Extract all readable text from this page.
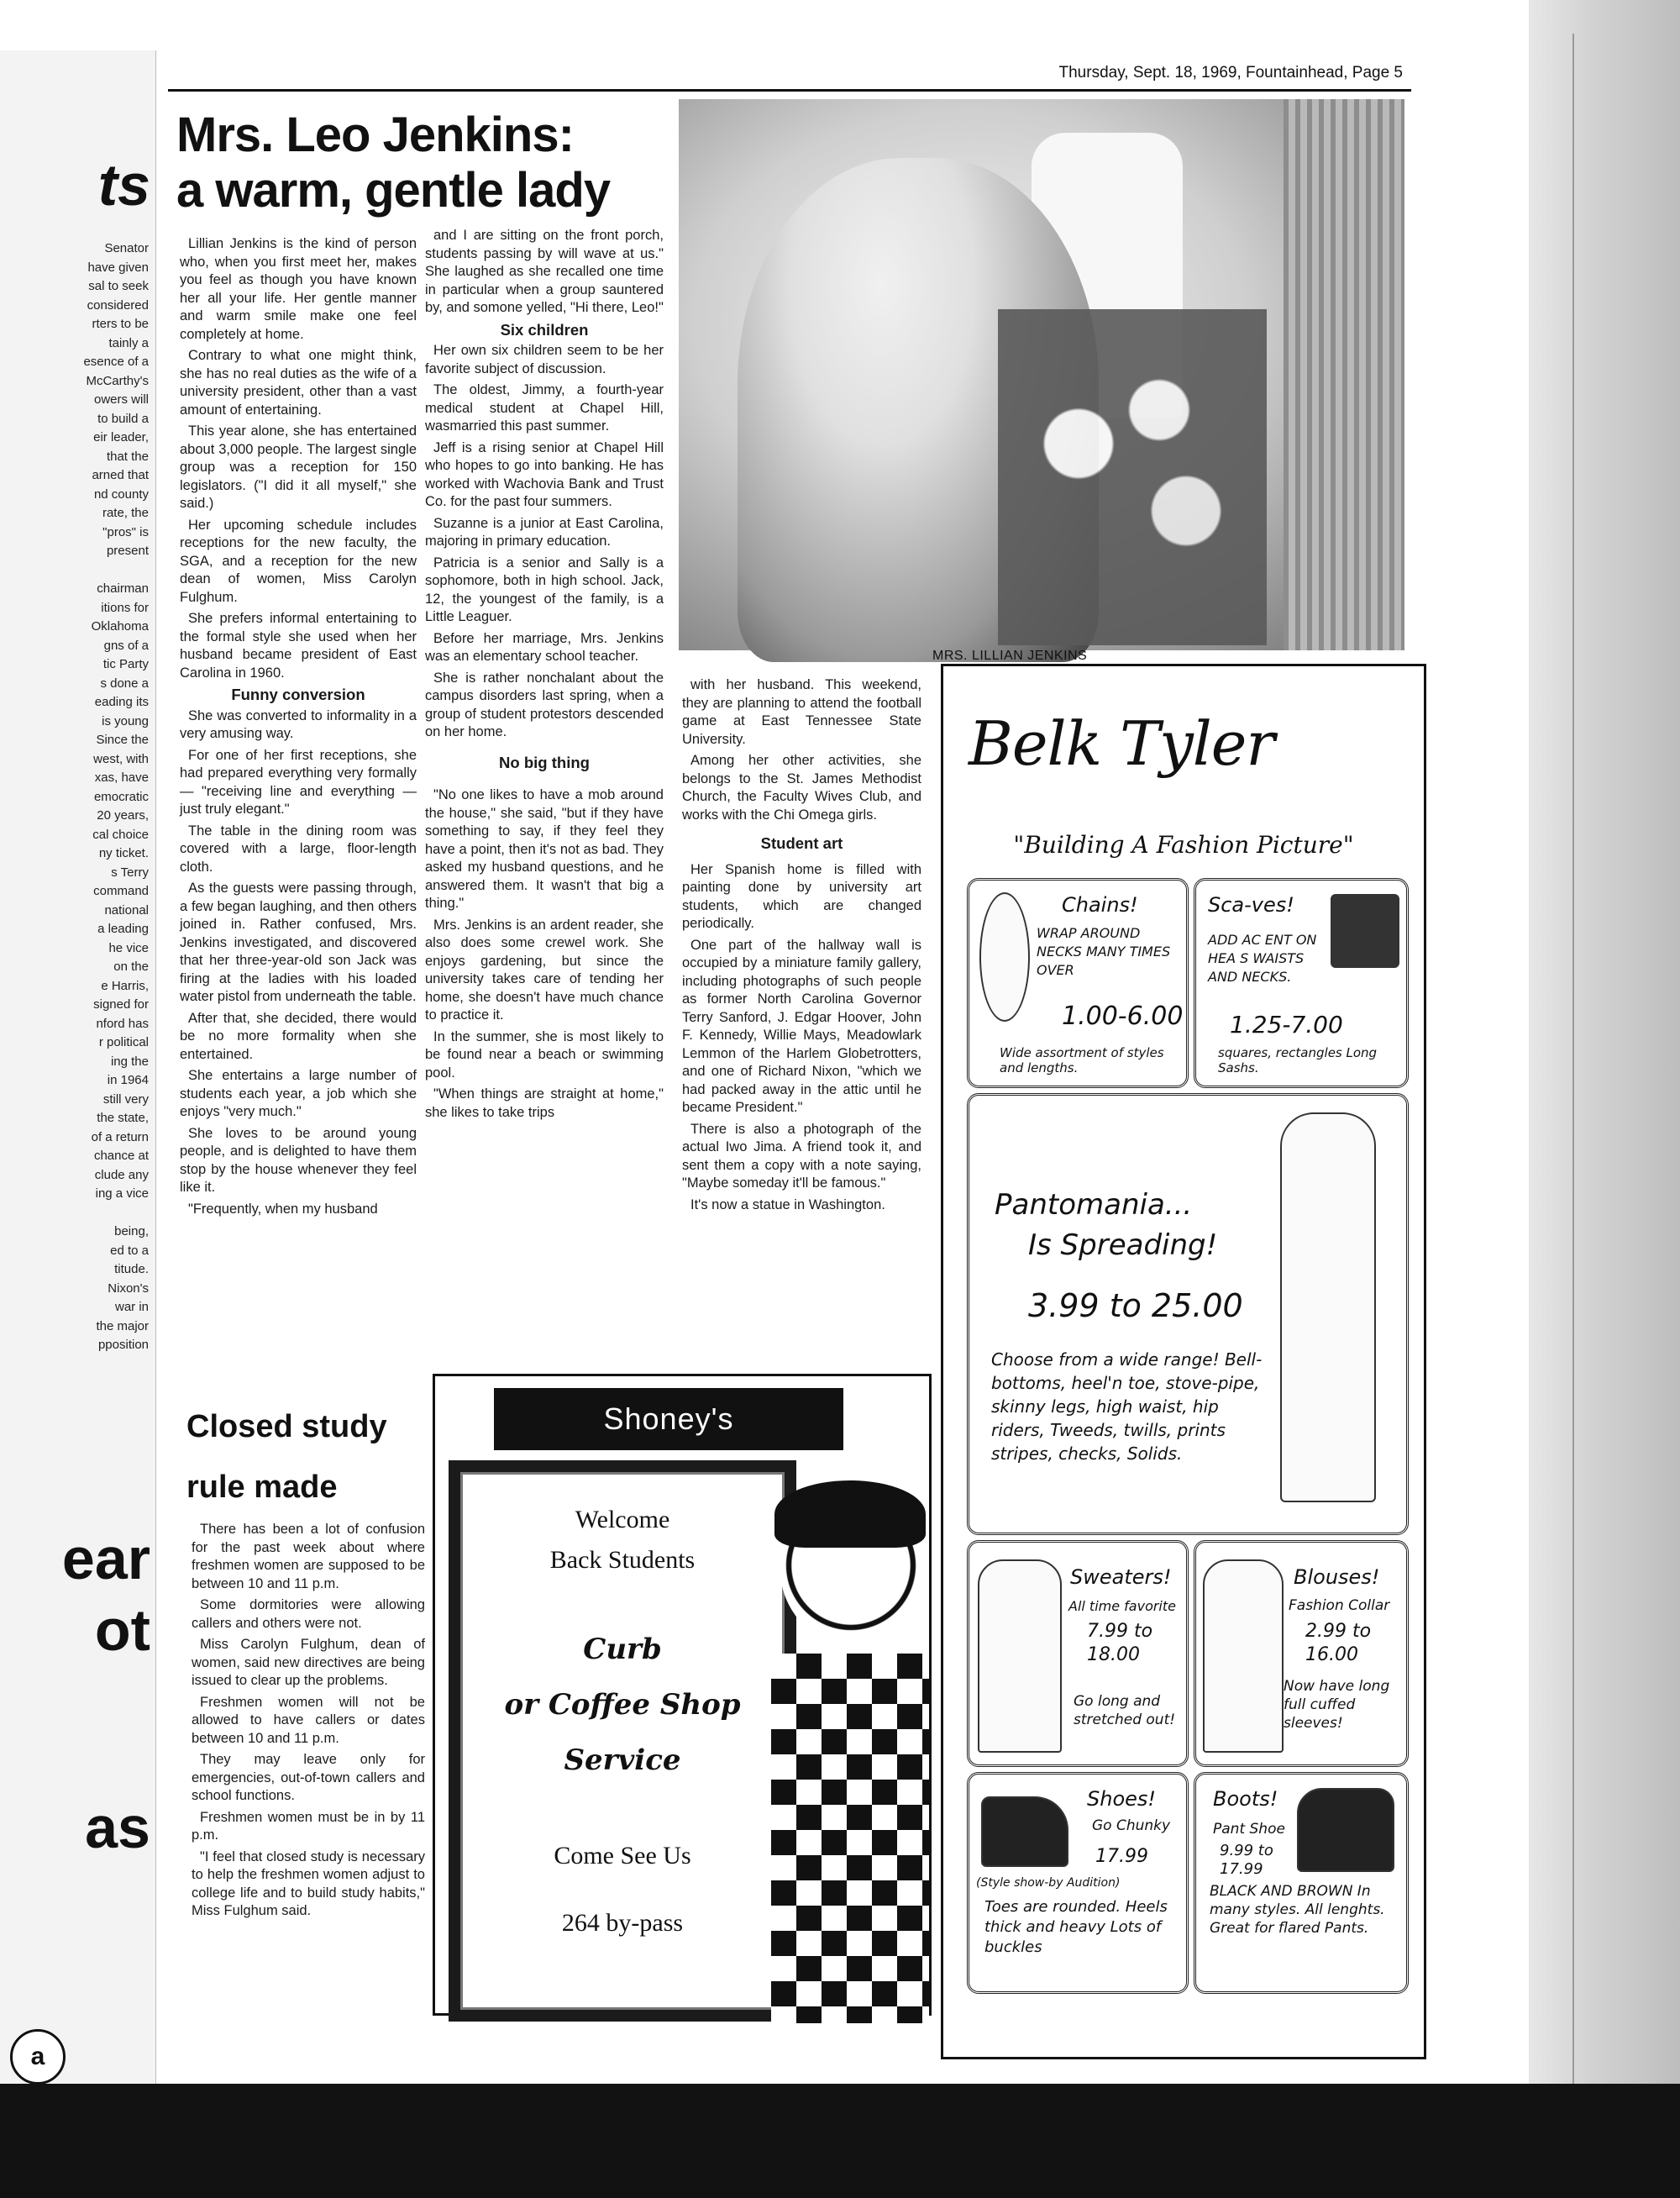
ts
Senator
have given
sal to seek
considered
rters to be
tainly a
esence of a
McCarthy's
owers will
to build a
eir leader,
that the
arned that
nd county
rate, the
"pros" is
present

chairman
itions for
Oklahoma
gns of a
tic Party
s done a
eading its
is young
Since the
west, with
xas, have
emocratic
20 years,
cal choice
ny ticket.
s Terry
command
national
a leading
he vice
on the
e Harris,
signed for
nford has
r political
ing the
in 1964
still very
the state,
of a return
chance at
clude any
ing a vice

being,
ed to a
titude.
Nixon's
war in
the major
pposition
ear
ot
as
a
Thursday, Sept. 18, 1969, Fountainhead, Page 5
Mrs. Leo Jenkins:
a warm, gentle lady

Lillian Jenkins is the kind of person who, when you first meet her, makes you feel as though you have known her all your life. Her gentle manner and warm smile make one feel completely at home.

Contrary to what one might think, she has no real duties as the wife of a university president, other than a vast amount of entertaining.

This year alone, she has entertained about 3,000 people. The largest single group was a reception for 150 legislators. ("I did it all myself," she said.)

Her upcoming schedule includes receptions for the new faculty, the SGA, and a reception for the new dean of women, Miss Carolyn Fulghum.

She prefers informal entertaining to the formal style she used when her husband became president of East Carolina in 1960.

Funny conversion

She was converted to informality in a very amusing way.

For one of her first receptions, she had prepared everything very formally — "receiving line and everything — just truly elegant."

The table in the dining room was covered with a large, floor-length cloth.

As the guests were passing through, a few began laughing, and then others joined in. Rather confused, Mrs. Jenkins investigated, and discovered that her three-year-old son Jack was firing at the ladies with his loaded water pistol from underneath the table.

After that, she decided, there would be no more formality when she entertained.

She entertains a large number of students each year, a job which she enjoys "very much."

She loves to be around young people, and is delighted to have them stop by the house whenever they feel like it.

"Frequently, when my husband

and I are sitting on the front porch, students passing by will wave at us." She laughed as she recalled one time in particular when a group sauntered by, and somone yelled, "Hi there, Leo!"

Six children

Her own six children seem to be her favorite subject of discussion.

The oldest, Jimmy, a fourth-year medical student at Chapel Hill, wasmarried this past summer.

Jeff is a rising senior at Chapel Hill who hopes to go into banking. He has worked with Wachovia Bank and Trust Co. for the past four summers.

Suzanne is a junior at East Carolina, majoring in primary education.

Patricia is a senior and Sally is a sophomore, both in high school. Jack, 12, the youngest of the family, is a Little Leaguer.

Before her marriage, Mrs. Jenkins was an elementary school teacher.

She is rather nonchalant about the campus disorders last spring, when a group of student protestors descended on her home.

No big thing

"No one likes to have a mob around the house," she said, "but if they have something to say, if they feel they have a point, then it's not as bad. They asked my husband questions, and he answered them. It wasn't that big a thing."

Mrs. Jenkins is an ardent reader, she also does some crewel work. She enjoys gardening, but since the university takes care of tending her home, she doesn't have much chance to practice it.

In the summer, she is most likely to be found near a beach or swimming pool.

"When things are straight at home," she likes to take trips

with her husband. This weekend, they are planning to attend the football game at East Tennessee State University.

Among her other activities, she belongs to the St. James Methodist Church, the Faculty Wives Club, and works with the Chi Omega girls.

Student art

Her Spanish home is filled with painting done by university art students, which are changed periodically.

One part of the hallway wall is occupied by a miniature family gallery, including photographs of such people as former North Carolina Governor Terry Sanford, J. Edgar Hoover, John F. Kennedy, Willie Mays, Meadowlark Lemmon of the Harlem Globetrotters, and one of Richard Nixon, "which we had packed away in the attic until he became President."

There is also a photograph of the actual Iwo Jima. A friend took it, and sent them a copy with a note saying, "Maybe someday it'll be famous."

It's now a statue in Washington.

MRS. LILLIAN JENKINS
Closed study
rule made

There has been a lot of confusion for the past week about where freshmen women are supposed to be between 10 and 11 p.m.

Some dormitories were allowing callers and others were not.

Miss Carolyn Fulghum, dean of women, said new directives are being issued to clear up the problems.

Freshmen women will not be allowed to have callers or dates between 10 and 11 p.m.

They may leave only for emergencies, out-of-town callers and school functions.

Freshmen women must be in by 11 p.m.

"I feel that closed study is necessary to help the freshmen women adjust to college life and to build study habits," Miss Fulghum said.

Shoney's
Welcome
Back Students
Curb
or Coffee Shop
Service
Come See Us
264 by-pass
Belk Tyler
"Building A Fashion Picture"
Chains!
WRAP AROUND NECKS MANY TIMES OVER
1.00-6.00
Wide assortment of styles and lengths.
Sca-ves!
ADD AC ENT ON HEA S WAISTS AND NECKS.
1.25-7.00
squares, rectangles Long Sashs.
Pantomania...
Is Spreading!
3.99 to 25.00
Choose from a wide range! Bell-bottoms, heel'n toe, stove-pipe, skinny legs, high waist, hip riders, Tweeds, twills, prints stripes, checks, Solids.
Sweaters!
All time favorite
7.99 to 18.00
Go long and stretched out!
Blouses!
Fashion Collar
2.99 to 16.00
Now have long full cuffed sleeves!
Shoes!
Go Chunky
17.99
(Style show-by Audition)
Toes are rounded. Heels thick and heavy Lots of buckles
Boots!
Pant Shoe
9.99 to 17.99
BLACK AND BROWN In many styles. All lenghts. Great for flared Pants.
